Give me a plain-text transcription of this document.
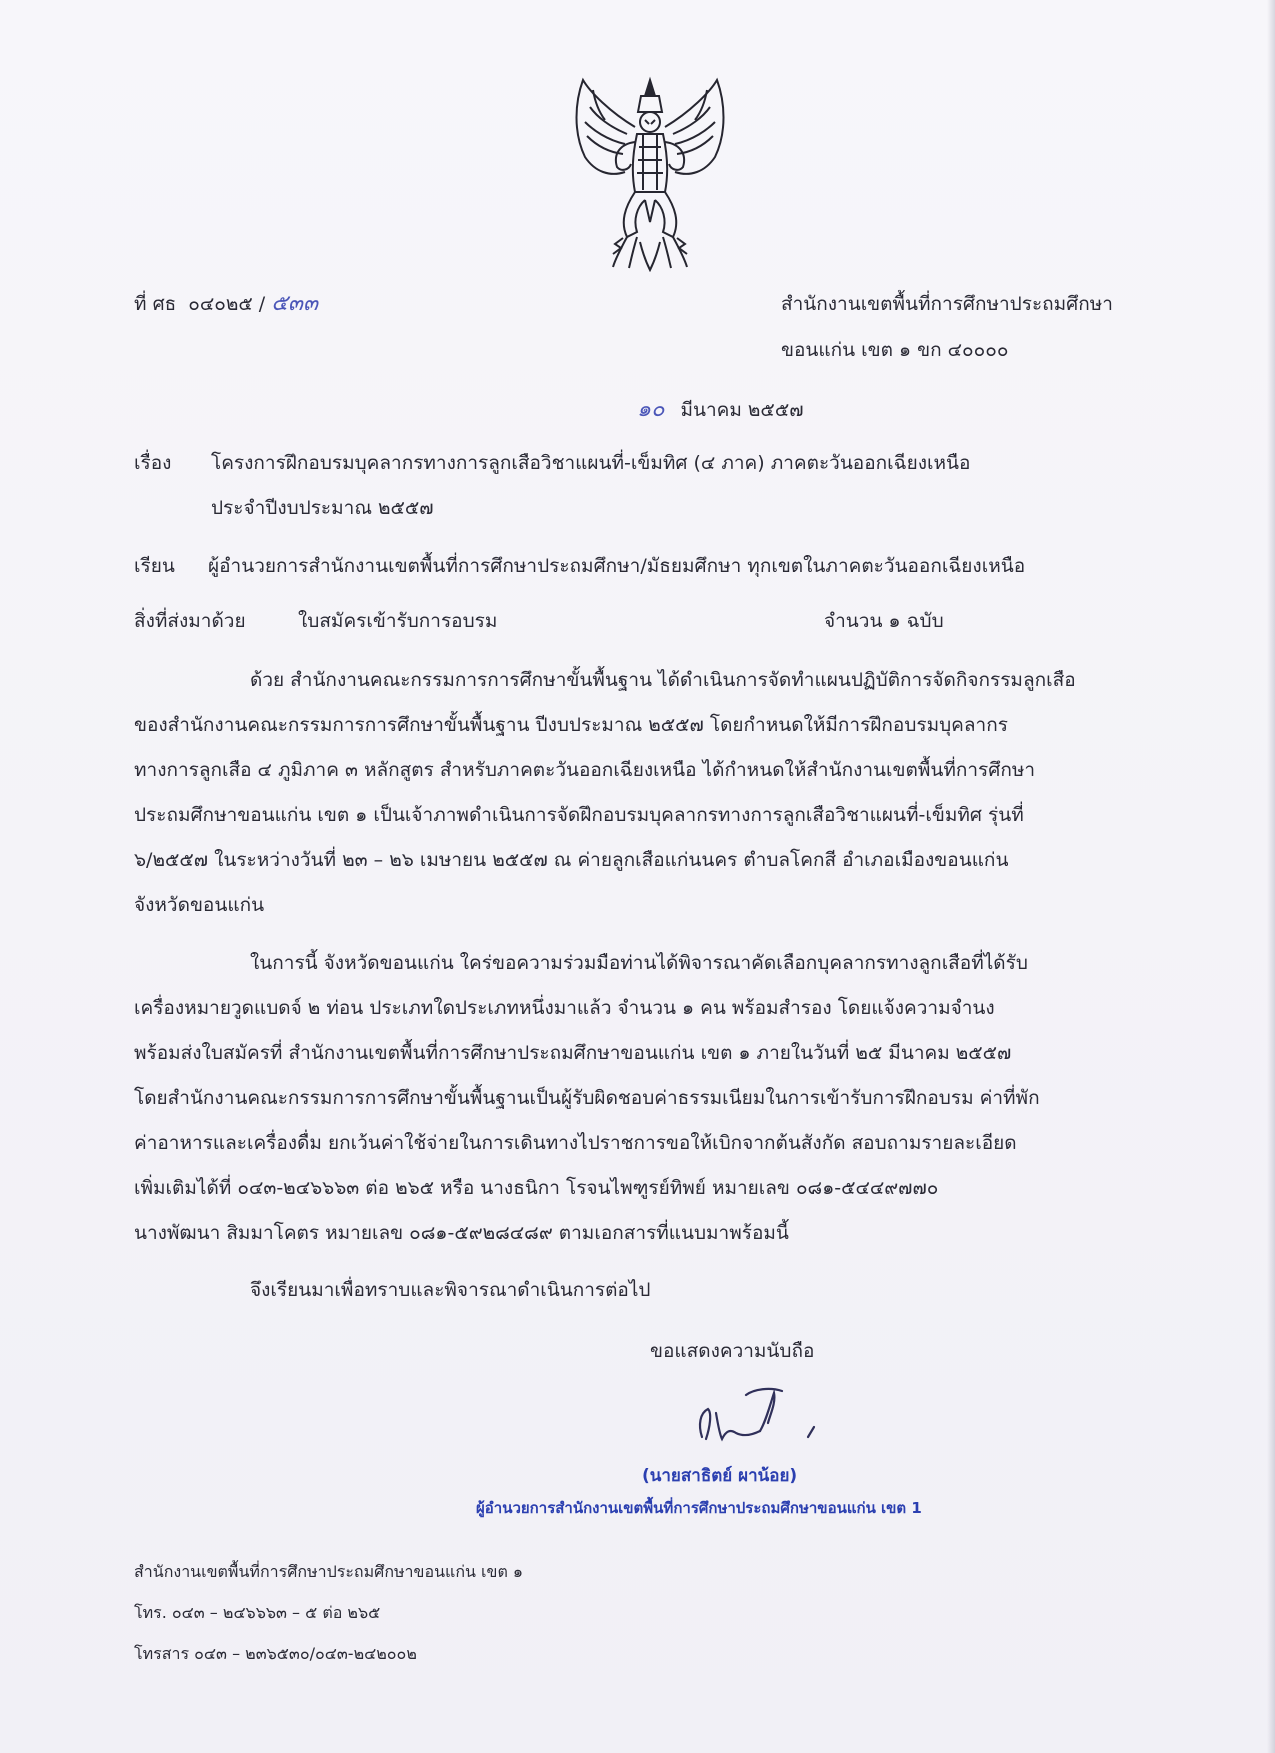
ที่ ศธ ๐๔๐๒๕ / ๕๓๓	สำนักงานเขตพื้นที่การศึกษาประถมศึกษา
ขอนแก่น เขต ๑ ขก ๔๐๐๐๐
๑๐ มีนาคม ๒๕๕๗
เรื่อง โครงการฝึกอบรมบุคลากรทางการลูกเสือวิชาแผนที่-เข็มทิศ (๔ ภาค) ภาคตะวันออกเฉียงเหนือ
ประจำปีงบประมาณ ๒๕๕๗
เรียน ผู้อำนวยการสำนักงานเขตพื้นที่การศึกษาประถมศึกษา/มัธยมศึกษา ทุกเขตในภาคตะวันออกเฉียงเหนือ
สิ่งที่ส่งมาด้วย	ใบสมัครเข้ารับการอบรม	จำนวน ๑ ฉบับ
ด้วย สำนักงานคณะกรรมการการศึกษาขั้นพื้นฐาน ได้ดำเนินการจัดทำแผนปฏิบัติการจัดกิจกรรมลูกเสือ
ของสำนักงานคณะกรรมการการศึกษาขั้นพื้นฐาน ปีงบประมาณ ๒๕๕๗ โดยกำหนดให้มีการฝึกอบรมบุคลากร
ทางการลูกเสือ ๔ ภูมิภาค ๓ หลักสูตร สำหรับภาคตะวันออกเฉียงเหนือ ได้กำหนดให้สำนักงานเขตพื้นที่การศึกษา
ประถมศึกษาขอนแก่น เขต ๑ เป็นเจ้าภาพดำเนินการจัดฝึกอบรมบุคลากรทางการลูกเสือวิชาแผนที่-เข็มทิศ รุ่นที่
๖/๒๕๕๗ ในระหว่างวันที่ ๒๓ – ๒๖ เมษายน ๒๕๕๗ ณ ค่ายลูกเสือแก่นนคร ตำบลโคกสี อำเภอเมืองขอนแก่น
จังหวัดขอนแก่น
ในการนี้ จังหวัดขอนแก่น ใคร่ขอความร่วมมือท่านได้พิจารณาคัดเลือกบุคลากรทางลูกเสือที่ได้รับ
เครื่องหมายวูดแบดจ์ ๒ ท่อน ประเภทใดประเภทหนึ่งมาแล้ว จำนวน ๑ คน พร้อมสำรอง โดยแจ้งความจำนง
พร้อมส่งใบสมัครที่ สำนักงานเขตพื้นที่การศึกษาประถมศึกษาขอนแก่น เขต ๑ ภายในวันที่ ๒๕ มีนาคม ๒๕๕๗
โดยสำนักงานคณะกรรมการการศึกษาขั้นพื้นฐานเป็นผู้รับผิดชอบค่าธรรมเนียมในการเข้ารับการฝึกอบรม ค่าที่พัก
ค่าอาหารและเครื่องดื่ม ยกเว้นค่าใช้จ่ายในการเดินทางไปราชการขอให้เบิกจากต้นสังกัด สอบถามรายละเอียด
เพิ่มเติมได้ที่ ๐๔๓-๒๔๖๖๖๓ ต่อ ๒๖๕ หรือ นางธนิกา โรจนไพฑูรย์ทิพย์ หมายเลข ๐๘๑-๕๔๔๙๗๗๐
นางพัฒนา สิมมาโคตร หมายเลข ๐๘๑-๕๙๒๘๔๘๙ ตามเอกสารที่แนบมาพร้อมนี้
จึงเรียนมาเพื่อทราบและพิจารณาดำเนินการต่อไป
ขอแสดงความนับถือ
(นายสาธิตย์ ผาน้อย)
ผู้อำนวยการสำนักงานเขตพื้นที่การศึกษาประถมศึกษาขอนแก่น เขต 1
สำนักงานเขตพื้นที่การศึกษาประถมศึกษาขอนแก่น เขต ๑
โทร. ๐๔๓ – ๒๔๖๖๖๓ – ๕ ต่อ ๒๖๕
โทรสาร ๐๔๓ – ๒๓๖๕๓๐/๐๔๓-๒๔๒๐๐๒
